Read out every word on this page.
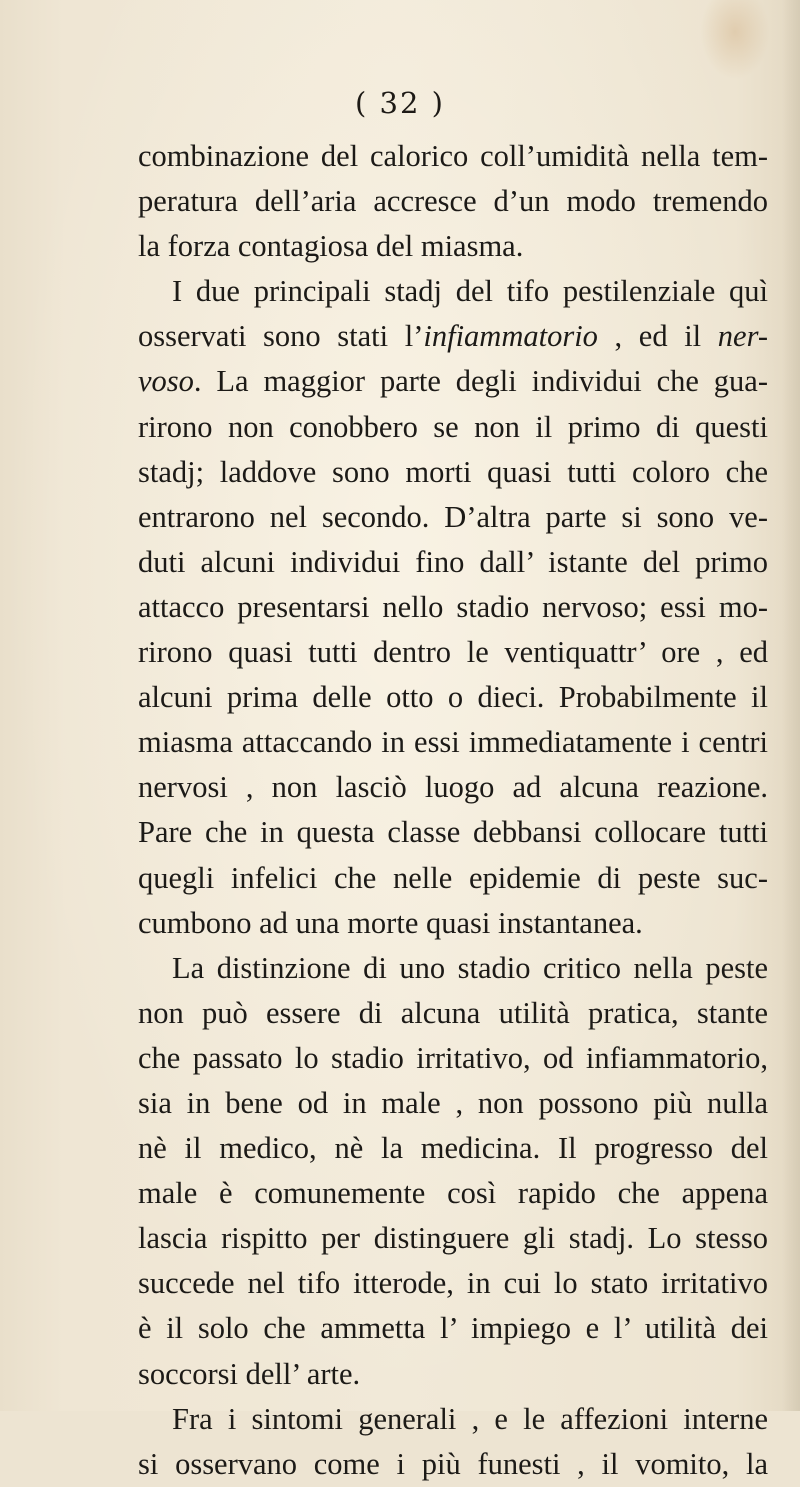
( 32 )
combinazione del calorico coll’umidità nella tem-
peratura dell’aria accresce d’un modo tremendo
la forza contagiosa del miasma.
I due principali stadj del tifo pestilenziale quì
osservati sono stati l’infiammatorio , ed il ner-
voso. La maggior parte degli individui che gua-
rirono non conobbero se non il primo di questi
stadj; laddove sono morti quasi tutti coloro che
entrarono nel secondo. D’altra parte si sono ve-
duti alcuni individui fino dall’ istante del primo
attacco presentarsi nello stadio nervoso; essi mo-
rirono quasi tutti dentro le ventiquattr’ ore , ed
alcuni prima delle otto o dieci. Probabilmente il
miasma attaccando in essi immediatamente i centri
nervosi , non lasciò luogo ad alcuna reazione.
Pare che in questa classe debbansi collocare tutti
quegli infelici che nelle epidemie di peste suc-
cumbono ad una morte quasi instantanea.
La distinzione di uno stadio critico nella peste
non può essere di alcuna utilità pratica, stante
che passato lo stadio irritativo, od infiammatorio,
sia in bene od in male , non possono più nulla
nè il medico, nè la medicina. Il progresso del
male è comunemente così rapido che appena
lascia rispitto per distinguere gli stadj. Lo stesso
succede nel tifo itterode, in cui lo stato irritativo
è il solo che ammetta l’ impiego e l’ utilità dei
soccorsi dell’ arte.
Fra i sintomi generali , e le affezioni interne
si osservano come i più funesti , il vomito, la
